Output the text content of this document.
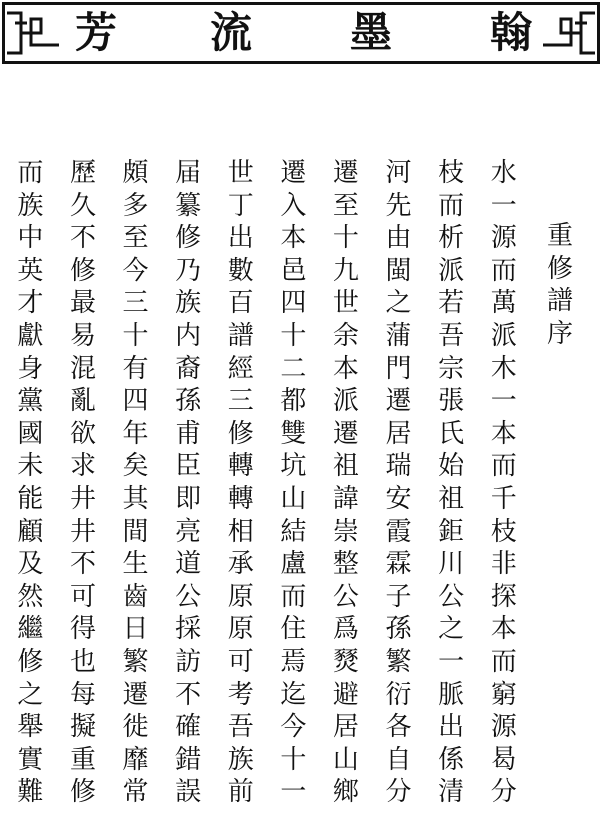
芳 流 墨 翰
重
修
譜
序
水
一
源
而
萬
派
木
一
本
而
千
枝
非
探
本
而
窮
源
曷
分
枝
而
析
派
若
吾
宗
張
氏
始
祖
鉅
川
公
之
一
脈
出
係
清
河
先
由
閩
之
蒲
門
遷
居
瑞
安
霞
霖
子
孫
繁
衍
各
自
分
遷
至
十
九
世
余
本
派
遷
祖
諱
崇
整
公
爲
燹
避
居
山
鄉
遷
入
本
邑
四
十
二
都
雙
坑
山
結
盧
而
住
焉
迄
今
十
一
世
丁
出
數
百
譜
經
三
修
轉
轉
相
承
原
原
可
考
吾
族
前
届
纂
修
乃
族
内
裔
孫
甫
臣
即
亮
道
公
採
訪
不
確
錯
誤
頗
多
至
今
三
十
有
四
年
矣
其
間
生
齒
日
繁
遷
徙
靡
常
歷
久
不
修
最
易
混
亂
欲
求
井
井
不
可
得
也
每
擬
重
修
而
族
中
英
才
獻
身
黨
國
未
能
顧
及
然
繼
修
之
舉
實
難
